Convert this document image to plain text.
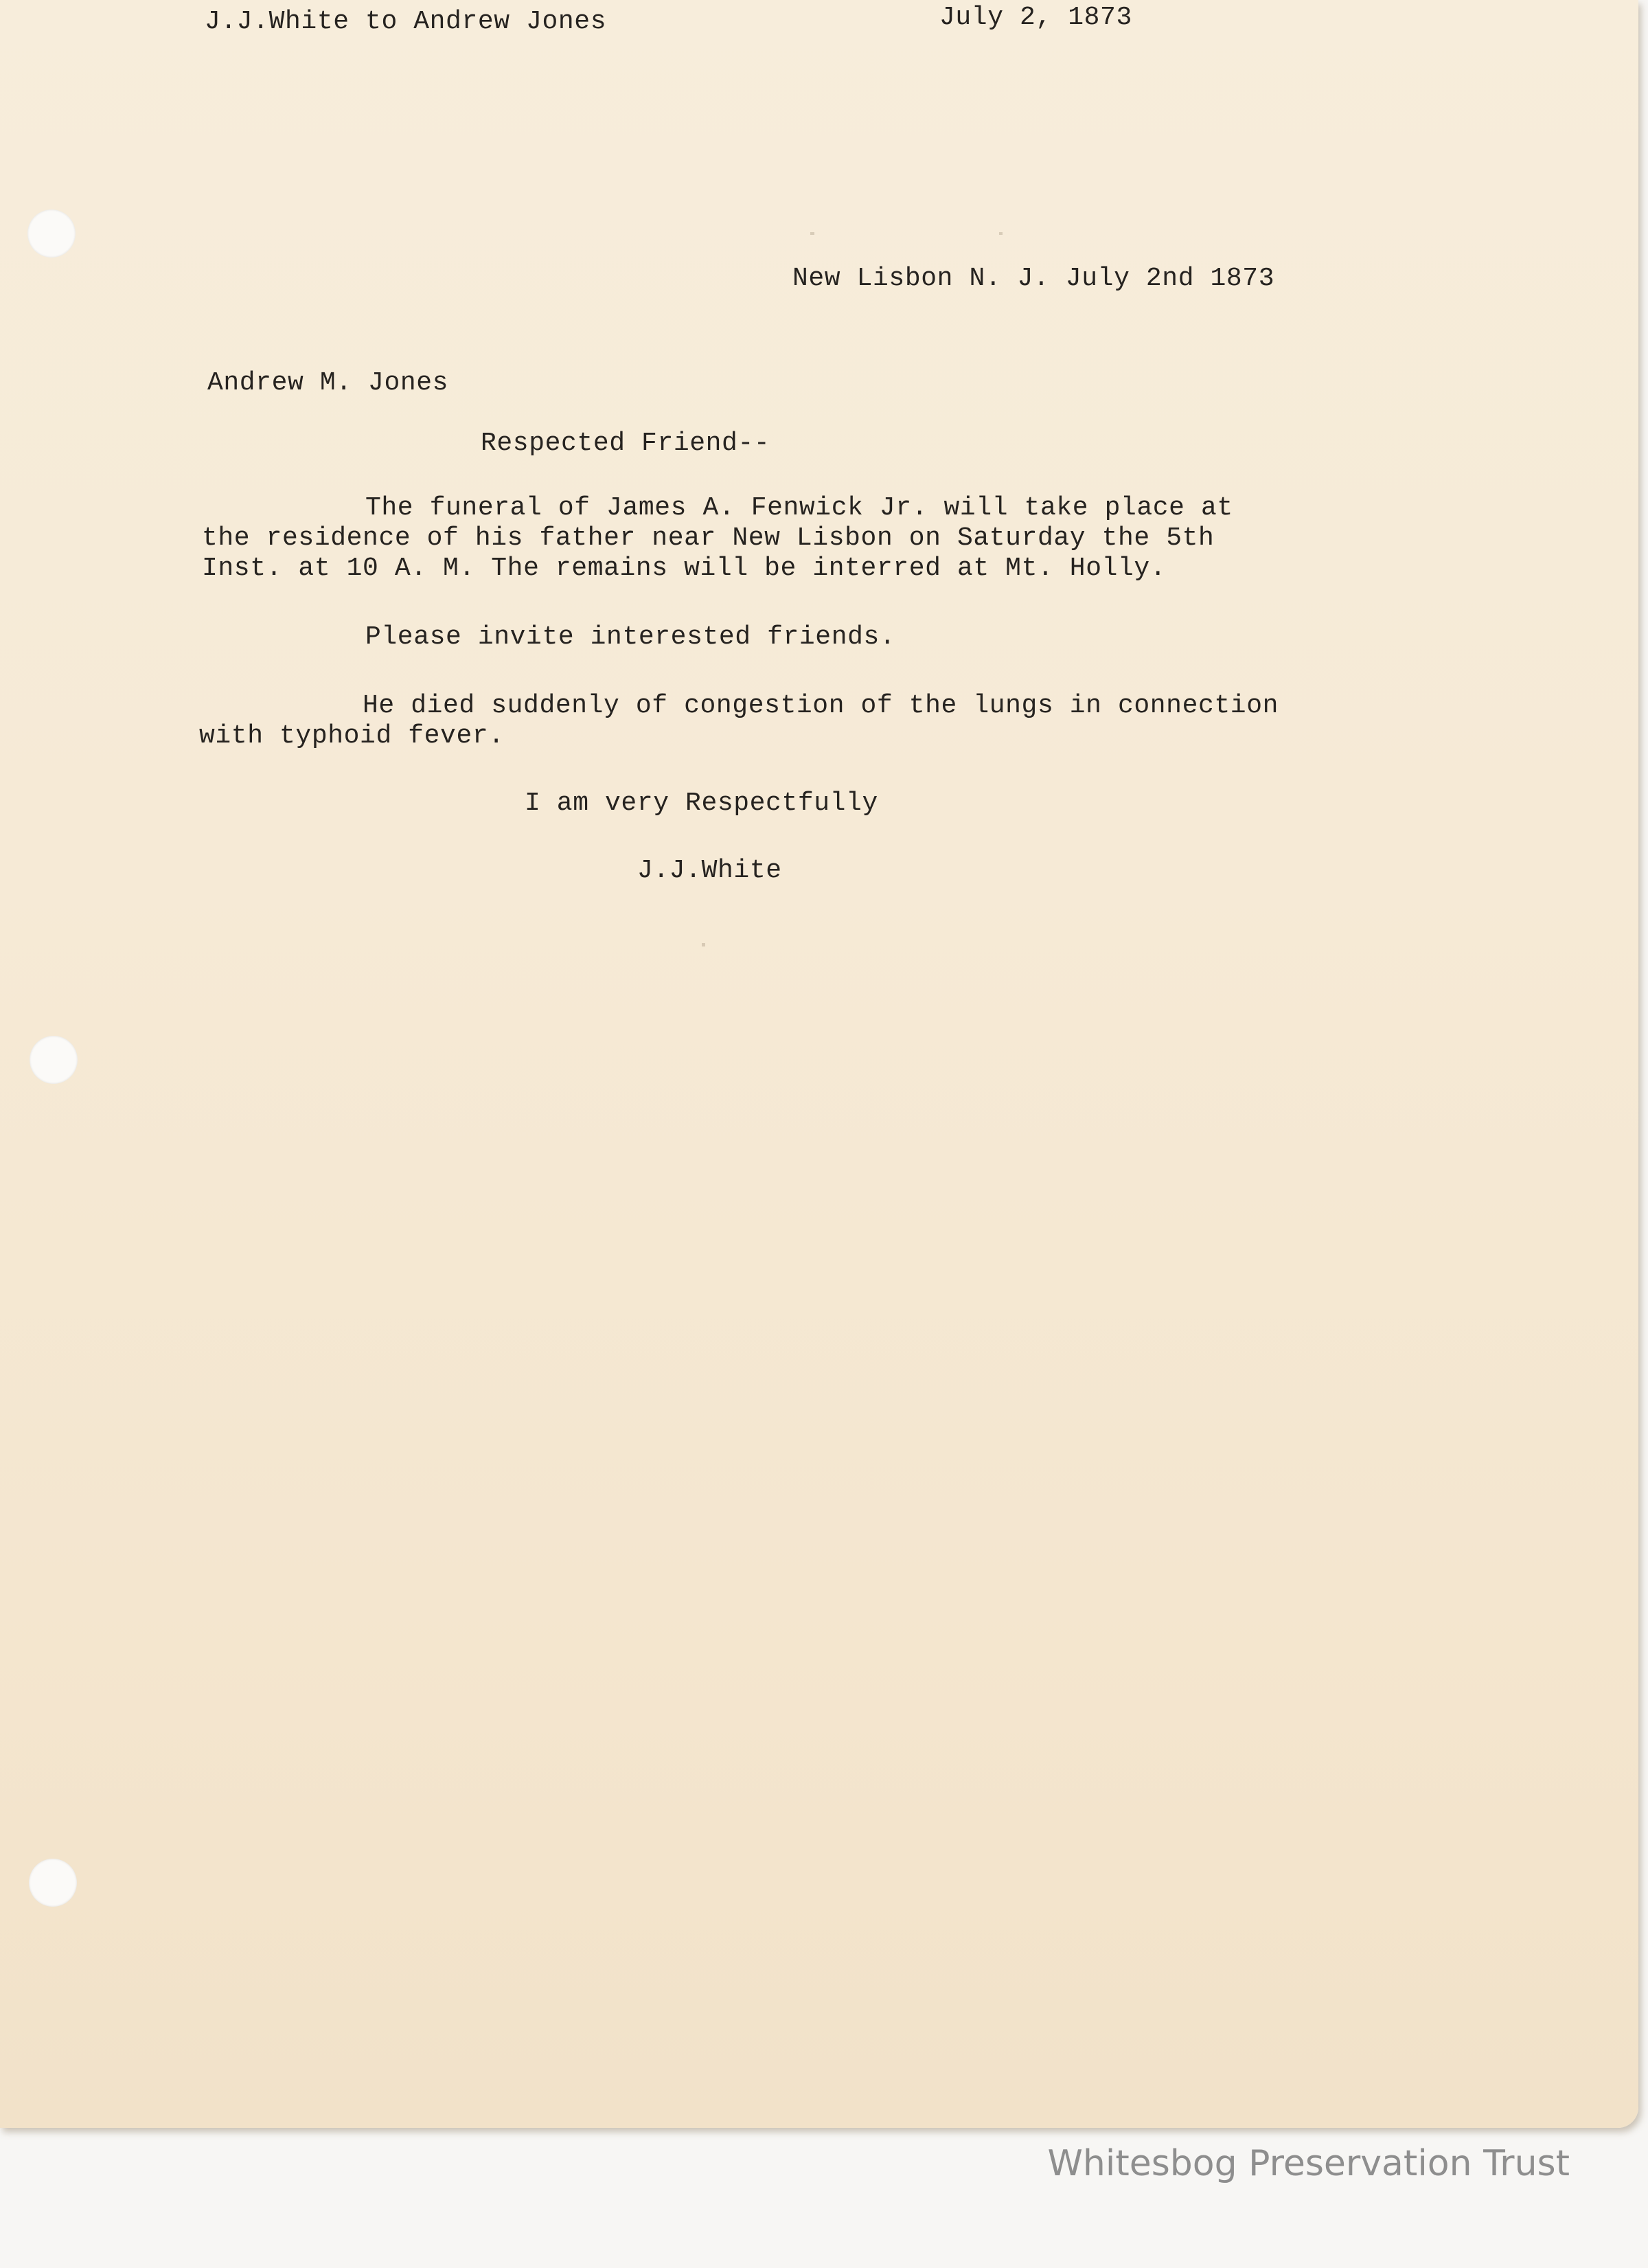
J.J.White to Andrew Jones	July 2, 1873
New Lisbon N. J. July 2nd 1873
Andrew M. Jones
Respected Friend--
The funeral of James A. Fenwick Jr. will take place at the residence of his father near New Lisbon on Saturday the 5th Inst. at 10 A. M. The remains will be interred at Mt. Holly.
Please invite interested friends.
He died suddenly of congestion of the lungs in connection with typhoid fever.
I am very Respectfully
J.J.White
Whitesbog Preservation Trust
